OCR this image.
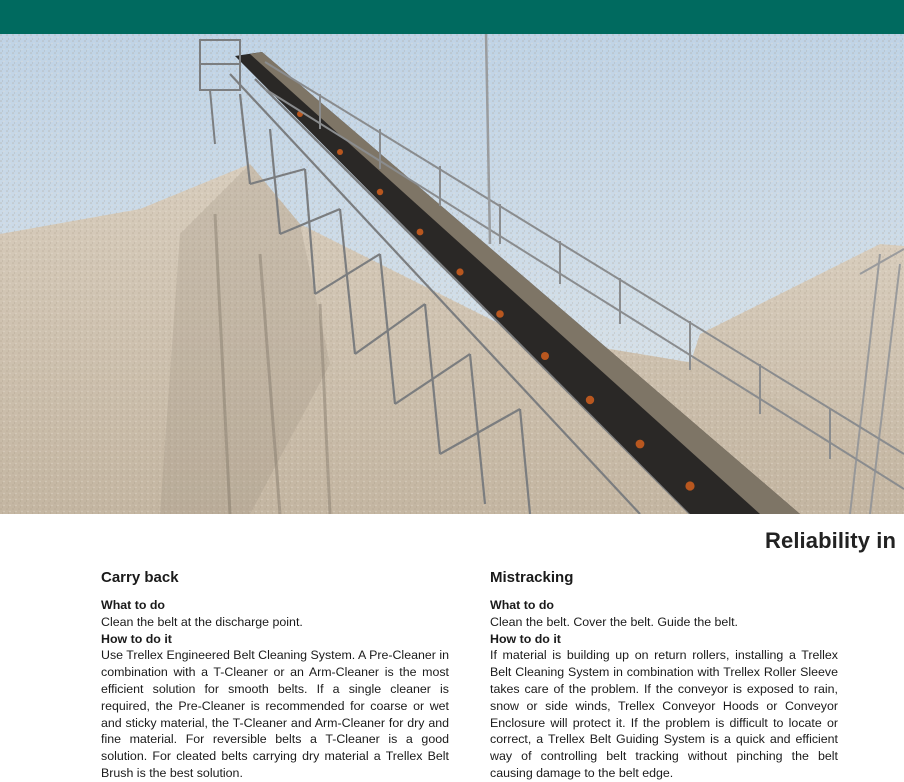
Reliability in
Carry back
What to do

Clean the belt at the discharge point.

How to do it

Use Trellex Engineered Belt Cleaning System. A Pre-Cleaner in combination with a T-Cleaner or an Arm-Cleaner is the most efficient solution for smooth belts. If a single cleaner is required, the Pre-Cleaner is recommended for coarse or wet and sticky material, the T-Cleaner and Arm-Cleaner for dry and fine material. For reversible belts a T-Cleaner is a good solution. For cleated belts carrying dry material a Trellex Belt Brush is the best solution.

Mistracking
What to do

Clean the belt. Cover the belt. Guide the belt.

How to do it

If material is building up on return rollers, installing a Trellex Belt Cleaning System in combination with Trellex Roller Sleeve takes care of the problem. If the conveyor is exposed to rain, snow or side winds, Trellex Conveyor Hoods or Conveyor Enclosure will protect it. If the problem is difficult to locate or correct, a Trellex Belt Guiding System is a quick and efficient way of controlling belt tracking without pinching the belt causing damage to the belt edge.
